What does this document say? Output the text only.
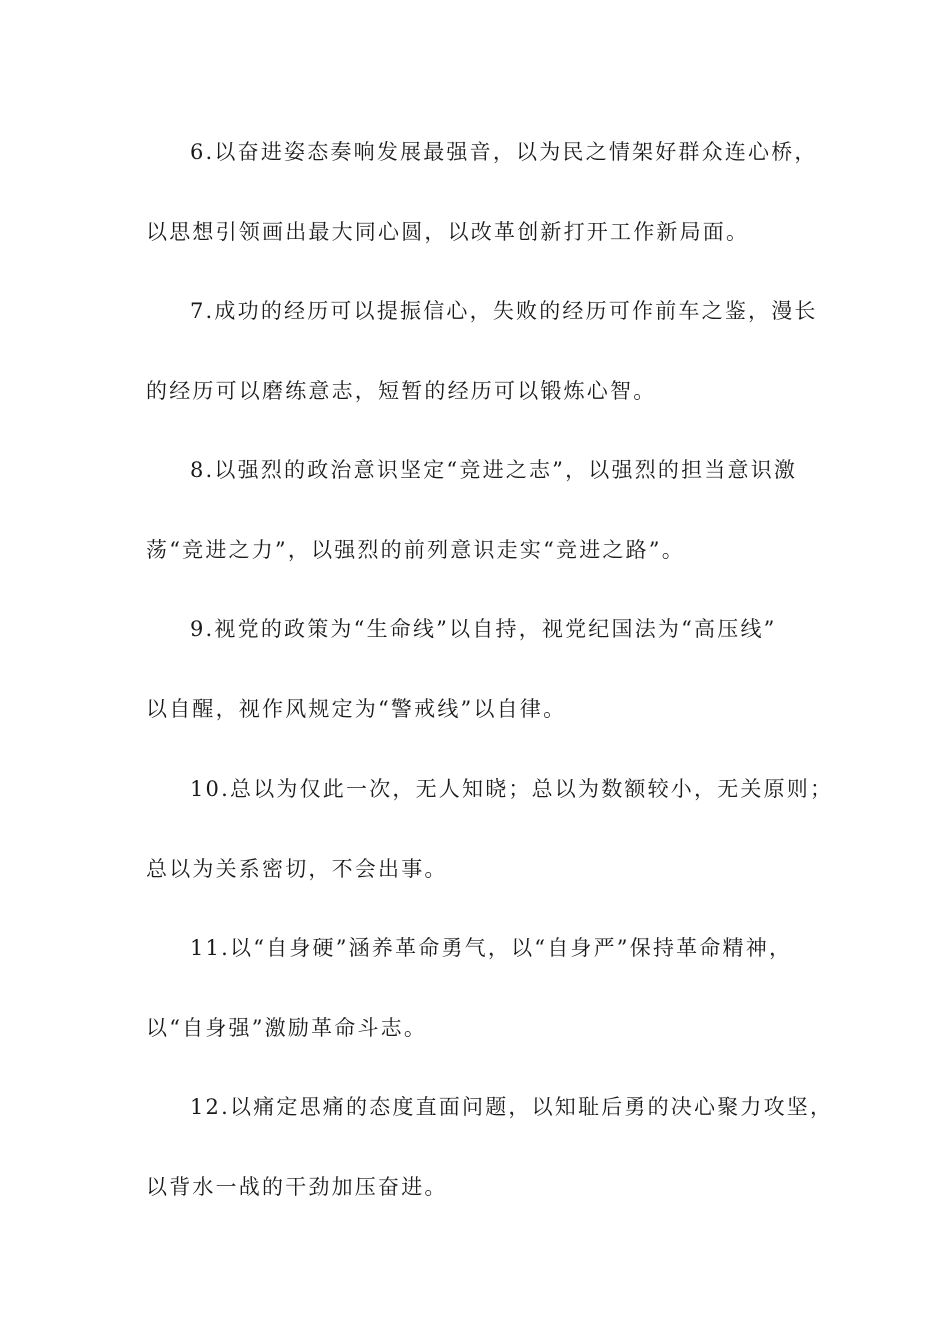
6.以奋进姿态奏响发展最强音，以为民之情架好群众连心桥，
以思想引领画出最大同心圆，以改革创新打开工作新局面。

7.成功的经历可以提振信心，失败的经历可作前车之鉴，漫长
的经历可以磨练意志，短暂的经历可以锻炼心智。

8.以强烈的政治意识坚定“竞进之志”，以强烈的担当意识激
荡“竞进之力”，以强烈的前列意识走实“竞进之路”。

9.视党的政策为“生命线”以自持，视党纪国法为“高压线”
以自醒，视作风规定为“警戒线”以自律。

10.总以为仅此一次，无人知晓；总以为数额较小，无关原则；
总以为关系密切，不会出事。

11.以“自身硬”涵养革命勇气，以“自身严”保持革命精神，
以“自身强”激励革命斗志。

12.以痛定思痛的态度直面问题，以知耻后勇的决心聚力攻坚，
以背水一战的干劲加压奋进。
